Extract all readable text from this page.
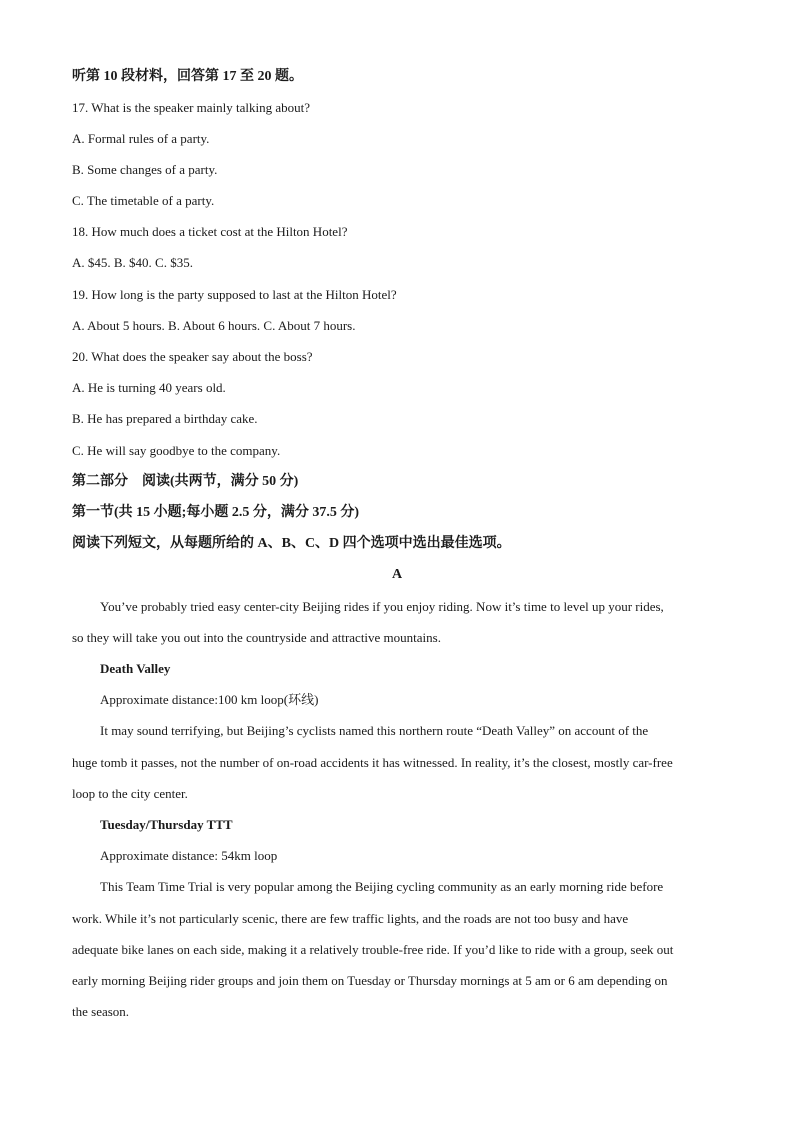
听第 10 段材料，回答第 17 至 20 题。
17. What is the speaker mainly talking about?
A. Formal rules of a party.
B. Some changes of a party.
C. The timetable of a party.
18. How much does a ticket cost at the Hilton Hotel?
A. $45. B. $40. C. $35.
19. How long is the party supposed to last at the Hilton Hotel?
A. About 5 hours. B. About 6 hours. C. About 7 hours.
20. What does the speaker say about the boss?
A. He is turning 40 years old.
B. He has prepared a birthday cake.
C. He will say goodbye to the company.
第二部分　阅读(共两节，满分 50 分)
第一节(共 15 小题;每小题 2.5 分，满分 37.5 分)
阅读下列短文，从每题所给的 A、B、C、D 四个选项中选出最佳选项。
A
You’ve probably tried easy center-city Beijing rides if you enjoy riding. Now it’s time to level up your rides,
so they will take you out into the countryside and attractive mountains.
Death Valley
Approximate distance:100 km loop(环线)
It may sound terrifying, but Beijing’s cyclists named this northern route “Death Valley” on account of the
huge tomb it passes, not the number of on-road accidents it has witnessed. In reality, it’s the closest, mostly car-free
loop to the city center.
Tuesday/Thursday TTT
Approximate distance: 54km loop
This Team Time Trial is very popular among the Beijing cycling community as an early morning ride before
work. While it’s not particularly scenic, there are few traffic lights, and the roads are not too busy and have
adequate bike lanes on each side, making it a relatively trouble-free ride. If you’d like to ride with a group, seek out
early morning Beijing rider groups and join them on Tuesday or Thursday mornings at 5 am or 6 am depending on
the season.
